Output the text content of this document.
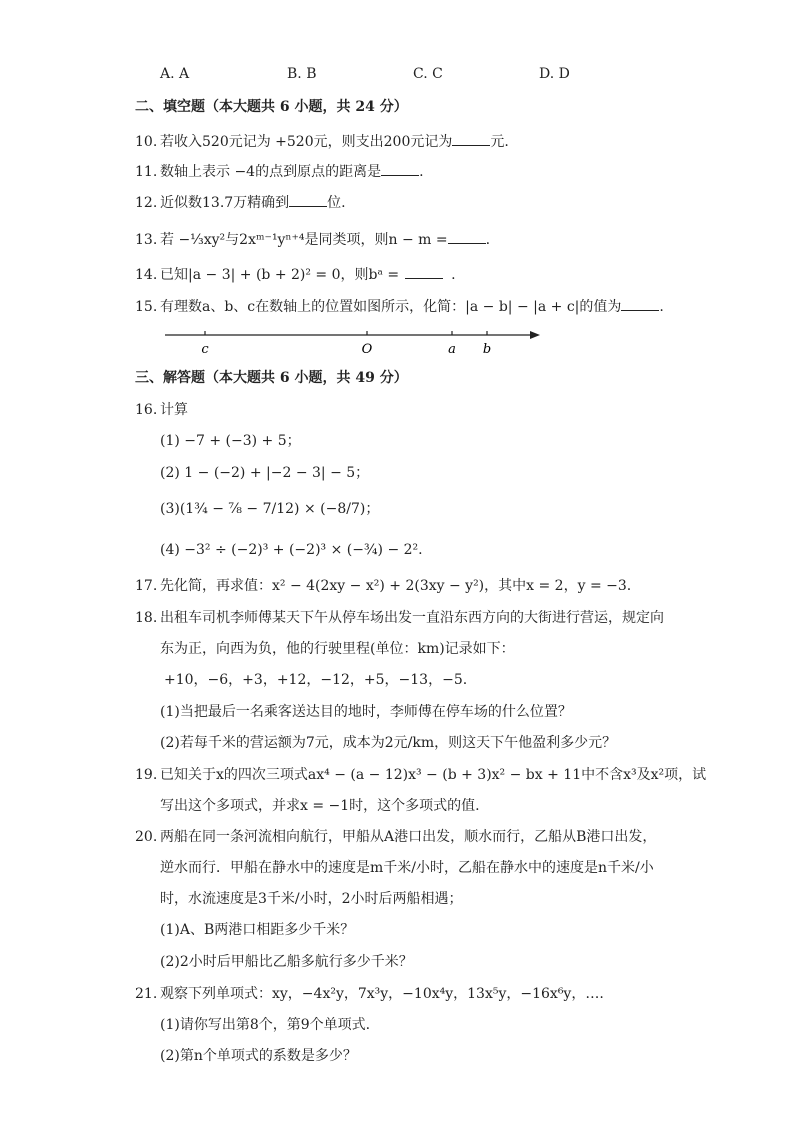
A. A	B. B	C. C	D. D
二、填空题（本大题共 6 小题，共 24 分）
10. 若收入520元记为 +520元，则支出200元记为	元.
11. 数轴上表示 −4的点到原点的距离是	.
12. 近似数13.7万精确到	位.
13. 若 −⅓xy²与2xᵐ⁻¹yⁿ⁺⁴是同类项，则n − m =	.
14. 已知|a − 3| + (b + 2)² = 0，则bᵃ =	.
15. 有理数a、b、c在数轴上的位置如图所示，化简：|a − b| − |a + c|的值为	.
c	O	a b
三、解答题（本大题共 6 小题，共 49 分）
16. 计算
(1) −7 + (−3) + 5；
(2) 1 − (−2) + |−2 − 3| − 5；
(3)(1¾ − ⅞ − 7/12) × (−8/7)；
(4) −3² ÷ (−2)³ + (−2)³ × (−¾) − 2².
17. 先化简，再求值：x² − 4(2xy − x²) + 2(3xy − y²)，其中x = 2，y = −3.
18. 出租车司机李师傅某天下午从停车场出发一直沿东西方向的大街进行营运，规定向
东为正，向西为负，他的行驶里程(单位：km)记录如下：
+10，−6，+3，+12，−12，+5，−13，−5.
(1)当把最后一名乘客送达目的地时，李师傅在停车场的什么位置？
(2)若每千米的营运额为7元，成本为2元/km，则这天下午他盈利多少元？
19. 已知关于x的四次三项式ax⁴ − (a − 12)x³ − (b + 3)x² − bx + 11中不含x³及x²项，试
写出这个多项式，并求x = −1时，这个多项式的值.
20. 两船在同一条河流相向航行，甲船从A港口出发，顺水而行，乙船从B港口出发，
逆水而行．甲船在静水中的速度是m千米/小时，乙船在静水中的速度是n千米/小
时，水流速度是3千米/小时，2小时后两船相遇；
(1)A、B两港口相距多少千米？
(2)2小时后甲船比乙船多航行多少千米？
21. 观察下列单项式：xy，−4x²y，7x³y，−10x⁴y，13x⁵y，−16x⁶y，….
(1)请你写出第8个，第9个单项式.
(2)第n个单项式的系数是多少？
